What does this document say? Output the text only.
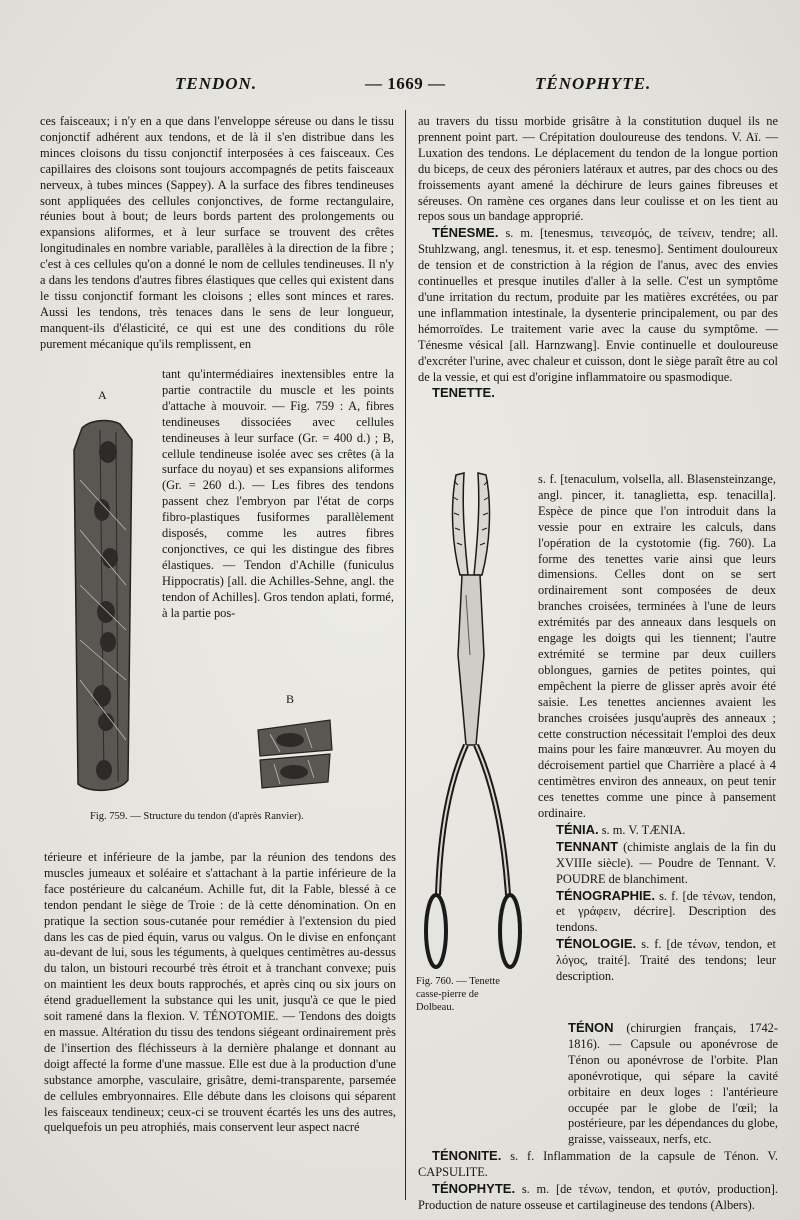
TENDON.	— 1669 —	TÉNOPHYTE.

ces faisceaux; i n'y en a que dans l'enveloppe séreuse ou dans le tissu conjonctif adhérent aux tendons, et de là il s'en distribue dans les minces cloisons du tissu conjonctif interposées à ces faisceaux. Ces capillaires des cloisons sont toujours accompagnés de petits faisceaux nerveux, à tubes minces (Sappey). A la surface des fibres tendineuses sont appliquées des cellules conjonctives, de forme rectangulaire, réunies bout à bout; de leurs bords partent des prolongements ou expansions aliformes, et à leur surface se trouvent des crêtes longitudinales en nombre variable, parallèles à la direction de la fibre ; c'est à ces cellules qu'on a donné le nom de cellules tendineuses. Il n'y a dans les tendons d'autres fibres élastiques que celles qui existent dans le tissu conjonctif formant les cloisons ; elles sont minces et rares. Aussi les tendons, très tenaces dans le sens de leur longueur, manquent-ils d'élasticité, ce qui est une des conditions du rôle purement mécanique qu'ils remplissent, en

A

tant qu'intermédiaires inextensibles entre la partie contractile du muscle et les points d'attache à mouvoir. — Fig. 759 : A, fibres tendineuses dissociées avec cellules tendineuses à leur surface (Gr. = 400 d.) ; B, cellule tendineuse isolée avec ses crêtes (à la surface du noyau) et ses expansions aliformes (Gr. = 260 d.). — Les fibres des tendons passent chez l'embryon par l'état de corps fibro-plastiques fusiformes parallèlement disposés, comme les autres fibres conjonctives, ce qui les distingue des fibres élastiques. — Tendon d'Achille (funiculus Hippocratis) [all. die Achilles-Sehne, angl. the tendon of Achilles]. Gros tendon aplati, formé, à la partie pos-

B
Fig. 759. — Structure du tendon (d'après Ranvier).

térieure et inférieure de la jambe, par la réunion des tendons des muscles jumeaux et soléaire et s'attachant à la partie inférieure de la face postérieure du calcanéum. Achille fut, dit la Fable, blessé à ce tendon pendant le siège de Troie : de là cette dénomination. On en pratique la section sous-cutanée pour remédier à l'extension du pied dans les cas de pied équin, varus ou valgus. On le divise en enfonçant au-devant de lui, sous les téguments, à quelques centimètres au-dessus du talon, un bistouri recourbé très étroit et à tranchant convexe; puis on maintient les deux bouts rapprochés, et après cinq ou six jours on étend graduellement la substance qui les unit, jusqu'à ce que le pied soit ramené dans la flexion. V. TÉNOTOMIE. — Tendons des doigts en massue. Altération du tissu des tendons siégeant ordinairement près de l'insertion des fléchisseurs à la dernière phalange et donnant au doigt affecté la forme d'une massue. Elle est due à la production d'une substance amorphe, vasculaire, grisâtre, demi-transparente, parsemée de cellules embryonnaires. Elle débute dans les cloisons qui séparent les faisceaux tendineux; ceux-ci se trouvent écartés les uns des autres, quelquefois un peu atrophiés, mais conservent leur aspect nacré

au travers du tissu morbide grisâtre à la constitution duquel ils ne prennent point part. — Crépitation douloureuse des tendons. V. Aï. — Luxation des tendons. Le déplacement du tendon de la longue portion du biceps, de ceux des péroniers latéraux et autres, par des chocs ou des froissements ayant amené la déchirure de leurs gaines fibreuses et séreuses. On ramène ces organes dans leur coulisse et on les tient au repos sous un bandage approprié.

TÉNESME. s. m. [tenesmus, τεινεσμός, de τείνειν, tendre; all. Stuhlzwang, angl. tenesmus, it. et esp. tenesmo]. Sentiment douloureux de tension et de constriction à la région de l'anus, avec des envies continuelles et presque inutiles d'aller à la selle. C'est un symptôme d'une irritation du rectum, produite par les matières excrétées, ou par une inflammation intestinale, la dysenterie principalement, ou par des hémorroïdes. Le traitement varie avec la cause du symptôme. — Ténesme vésical [all. Harnzwang]. Envie continuelle et douloureuse d'excréter l'urine, avec chaleur et cuisson, dont le siège paraît être au col de la vessie, et qui est d'origine inflammatoire ou spasmodique.

TENETTE.

s. f. [tenaculum, volsella, all. Blasensteinzange, angl. pincer, it. tanaglietta, esp. tenacilla]. Espèce de pince que l'on introduit dans la vessie pour en extraire les calculs, dans l'opération de la cystotomie (fig. 760). La forme des tenettes varie ainsi que leurs dimensions. Celles dont on se sert ordinairement sont composées de deux branches croisées, terminées à l'une de leurs extrémités par des anneaux dans lesquels on engage les doigts qui les tiennent; l'autre extrémité se termine par deux cuillers oblongues, garnies de petites pointes, qui empêchent la pierre de glisser après avoir été saisie. Les tenettes anciennes avaient les branches croisées jusqu'auprès des anneaux ; cette construction nécessitait l'emploi des deux mains pour les faire manœuvrer. Au moyen du décroisement partiel que Charrière a placé à 4 centimètres environ des anneaux, on peut tenir ces tenettes comme une pince à pansement ordinaire.

TÉNIA. s. m. V. TÆNIA.

TENNANT (chimiste anglais de la fin du XVIIIe siècle). — Poudre de Tennant. V. POUDRE de blanchiment.

TÉNOGRAPHIE. s. f. [de τένων, tendon, et γράφειν, décrire]. Description des tendons.

TÉNOLOGIE. s. f. [de τένων, tendon, et λόγος, traité]. Traité des tendons; leur description.

Fig. 760. — Tenette casse-pierre de Dolbeau.

TÉNON (chirurgien français, 1742-1816). — Capsule ou aponévrose de Ténon ou aponévrose de l'orbite. Plan aponévrotique, qui sépare la cavité orbitaire en deux loges : l'antérieure occupée par le globe de l'œil; la postérieure, par les dépendances du globe, graisse, vaisseaux, nerfs, etc.

TÉNONITE. s. f. Inflammation de la capsule de Ténon. V. CAPSULITE.

TÉNOPHYTE. s. m. [de τένων, tendon, et φυτόν, production]. Production de nature osseuse et cartilagineuse des tendons (Albers).
